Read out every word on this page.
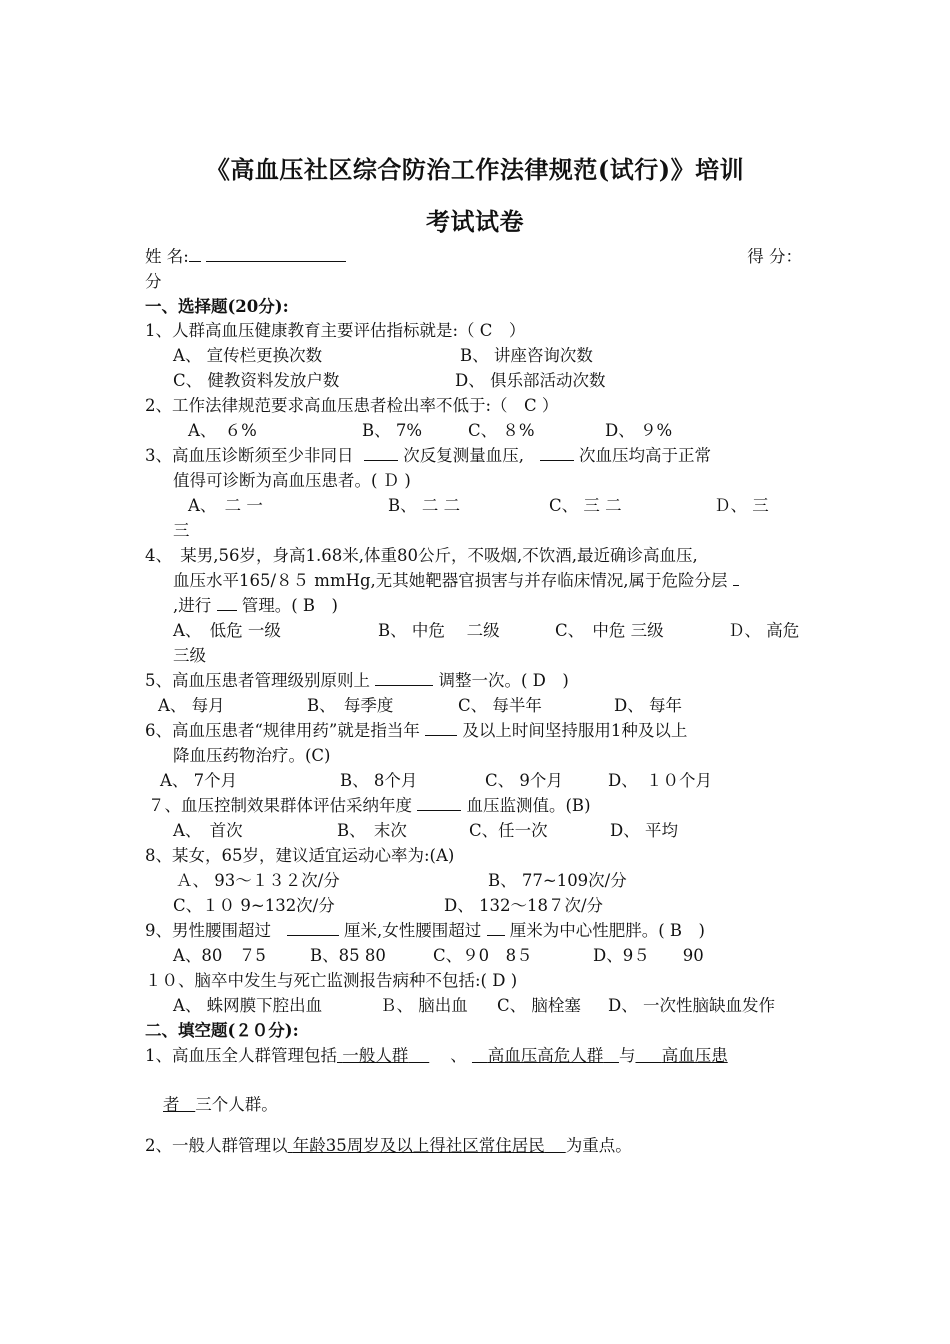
《高血压社区综合防治工作法律规范(试行)》培训
考试试卷
姓 名:	得 分：
分
一、选择题(20分):
1、人群高血压健康教育主要评估指标就是:（ C　）
A、 宣传栏更换次数	B、 讲座咨询次数
C、 健教资料发放户数	D、 俱乐部活动次数
2、工作法律规范要求高血压患者检出率不低于:（　C ）
A、　６%	B、 7%	C、 ８%	D、 ９%
3、高血压诊断须至少非同日	次反复测量血压,	次血压均高于正常
值得可诊断为高血压患者。( Ｄ )
A、　二 一	B、 二 二	C、 三 二	Ｄ、 三
三
4、　某男,56岁，身高1.68米,体重80公斤，不吸烟,不饮酒,最近确诊高血压,
血压水平165/８５ mmHg,无其她靶器官损害与并存临床情况,属于危险分层
,进行 管理。( B　)
A、　低危 一级	B、 中危　 二级	C、　中危 三级	Ｄ、 高危
三级
5、高血压患者管理级别原则上	调整一次。( D　)
A、 每月	B、　每季度	C、 每半年	D、 每年
6、高血压患者“规律用药”就是指当年	及以上时间坚持服用1种及以上
降血压药物治疗。(C)
A、 7个月	B、 8个月	C、 9个月	D、　１０个月
７、血压控制效果群体评估采纳年度	血压监测值。(B)
A、　首次	B、　末次	C、任一次	D、 平均
8、某女，65岁，建议适宜运动心率为:(A)
Ａ、 93～１３２次/分	B、 77~109次/分
C、１０ 9~132次/分	D、 132～18７次/分
9、男性腰围超过	厘米,女性腰围超过 厘米为中心性肥胖。( B　)
A、80　７5	B、85 80	C、９0　8５	D、9５　　90
１０、脑卒中发生与死亡监测报告病种不包括:( D )
A、 蛛网膜下腔出血	Ｂ、 脑出血 C、 脑栓塞 D、 一次性脑缺血发作
二、填空题(２０分):
1、高血压全人群管理包括 一般人群	、 高血压高危人群 与 高血压患
者 三个人群。
2、一般人群管理以 年龄35周岁及以上得社区常住居民 为重点。
